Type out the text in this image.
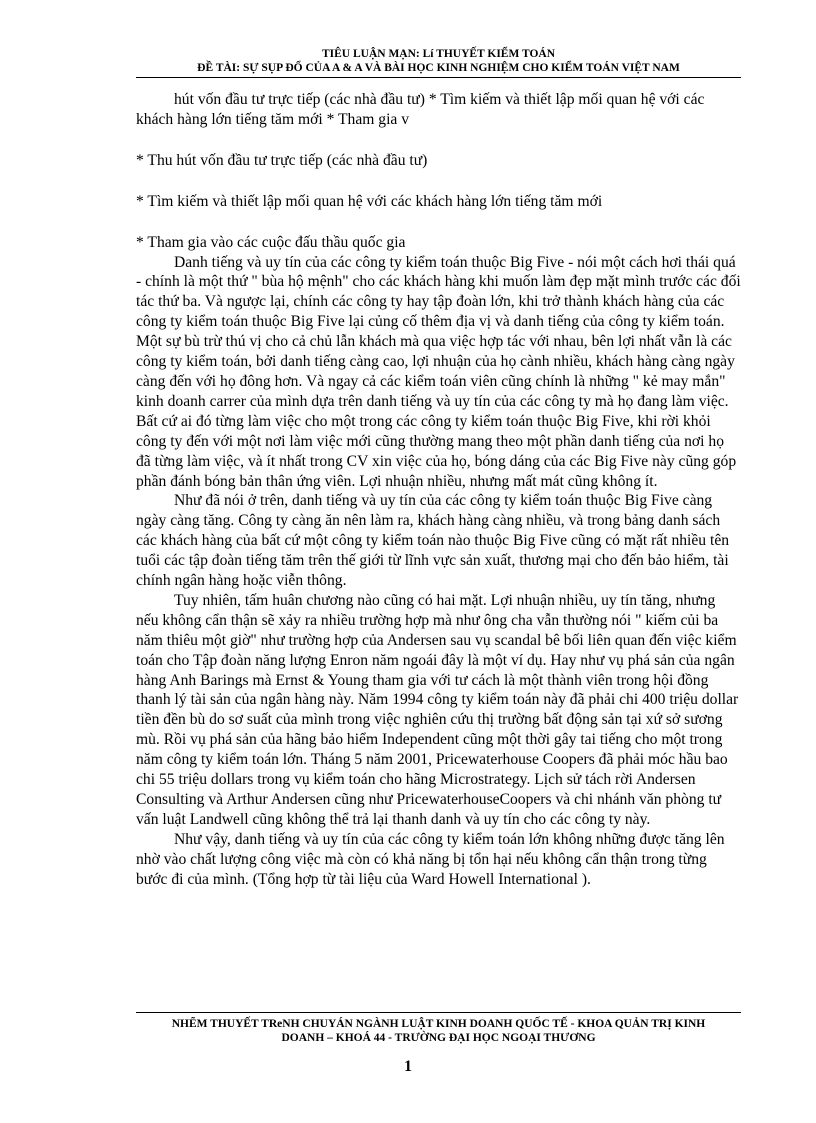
TIÊU LUẬN MẠN: Lí THUYẾT KIỂM TOÁN
ĐỀ TÀI: SỰ SỤP ĐỔ CỦA A & A VÀ BÀI HỌC KINH NGHIỆM CHO KIỂM TOÁN VIỆT NAM

hút vốn đầu tư trực tiếp (các nhà đầu tư) * Tìm kiếm và thiết lập mối quan hệ với các khách hàng lớn tiếng tăm mới * Tham gia v

* Thu hút vốn đầu tư trực tiếp (các nhà đầu tư)

* Tìm kiếm và thiết lập mối quan hệ với các khách hàng lớn tiếng tăm mới

* Tham gia vào các cuộc đấu thầu quốc gia

Danh tiếng và uy tín của các công ty kiểm toán thuộc Big Five - nói một cách hơi thái quá - chính là một thứ " bùa hộ mệnh" cho các khách hàng khi muốn làm đẹp mặt mình trước các đối tác thứ ba. Và ngược lại, chính các công ty hay tập đoàn lớn, khi trở thành khách hàng của các công ty kiểm toán thuộc Big Five lại củng cố thêm địa vị và danh tiếng của công ty kiểm toán. Một sự bù trừ thú vị cho cả chủ lẫn khách mà qua việc hợp tác với nhau, bên lợi nhất vẫn là các công ty kiểm toán, bởi danh tiếng càng cao, lợi nhuận của họ cành nhiều, khách hàng càng ngày càng đến với họ đông hơn. Và ngay cả các kiểm toán viên cũng chính là những " kẻ may mắn" kinh doanh carrer của mình dựa trên danh tiếng và uy tín của các công ty mà họ đang làm việc. Bất cứ ai đó từng làm việc cho một trong các công ty kiểm toán thuộc Big Five, khi rời khỏi công ty đến với một nơi làm việc mới cũng thường mang theo một phần danh tiếng của nơi họ đã từng làm việc, và ít nhất trong CV xin việc của họ, bóng dáng của các Big Five này cũng góp phần đánh bóng bản thân ứng viên. Lợi nhuận nhiều, nhưng mất mát cũng không ít.

Như đã nói ở trên, danh tiếng và uy tín của các công ty kiểm toán thuộc Big Five càng ngày càng tăng. Công ty càng ăn nên làm ra, khách hàng càng nhiều, và trong bảng danh sách các khách hàng của bất cứ một công ty kiểm toán nào thuộc Big Five cũng có mặt rất nhiều tên tuổi các tập đoàn tiếng tăm trên thế giới từ lĩnh vực sản xuất, thương mại cho đến bảo hiểm, tài chính ngân hàng hoặc viễn thông.

Tuy nhiên, tấm huân chương nào cũng có hai mặt. Lợi nhuận nhiều, uy tín tăng, nhưng nếu không cẩn thận sẽ xảy ra nhiều trường hợp mà như ông cha vẫn thường nói " kiếm củi ba năm thiêu một giờ" như trường hợp của Andersen sau vụ scandal bê bối liên quan đến việc kiểm toán cho Tập đoàn năng lượng Enron năm ngoái đây là một ví dụ. Hay như vụ phá sản của ngân hàng Anh Barings mà Ernst & Young tham gia với tư cách là một thành viên trong hội đồng thanh lý tài sản của ngân hàng này. Năm 1994 công ty kiểm toán này đã phải chi 400 triệu dollar tiền đền bù do sơ suất của mình trong việc nghiên cứu thị trường bất động sản tại xứ sở sương mù. Rồi vụ phá sản của hãng bảo hiểm Independent cũng một thời gây tai tiếng cho một trong năm công ty kiểm toán lớn. Tháng 5 năm 2001, Pricewaterhouse Coopers đã phải móc hầu bao chi 55 triệu dollars trong vụ kiểm toán cho hãng Microstrategy. Lịch sử tách rời Andersen Consulting và Arthur Andersen cũng như PricewaterhouseCoopers và chi nhánh văn phòng tư vấn luật Landwell cũng không thể trả lại thanh danh và uy tín cho các công ty này.

Như vậy, danh tiếng và uy tín của các công ty kiểm toán lớn không những được tăng lên nhờ vào chất lượng công việc mà còn có khả năng bị tổn hại nếu không cẩn thận trong từng bước đi của mình. (Tổng hợp từ tài liệu của Ward Howell International ).

NHẼM THUYẾT TReNH CHUYÁN NGÀNH LUẬT KINH DOANH QUỐC TẾ - KHOA QUẢN TRỊ KINH
DOANH – KHOÁ 44 - TRƯỜNG ĐẠI HỌC NGOẠI THƯƠNG
1
